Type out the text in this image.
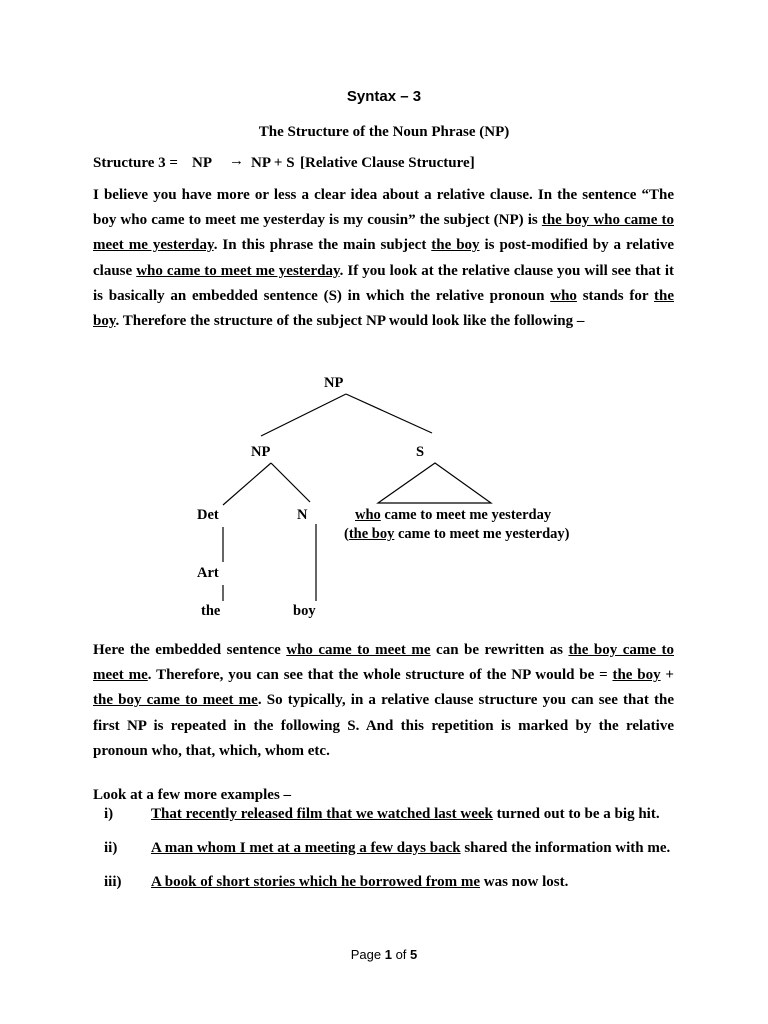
Syntax – 3
The Structure of the Noun Phrase (NP)
Structure 3 = NP → NP + S [Relative Clause Structure]
I believe you have more or less a clear idea about a relative clause. In the sentence “The boy who came to meet me yesterday is my cousin” the subject (NP) is the boy who came to meet me yesterday. In this phrase the main subject the boy is post-modified by a relative clause who came to meet me yesterday. If you look at the relative clause you will see that it is basically an embedded sentence (S) in which the relative pronoun who stands for the boy. Therefore the structure of the subject NP would look like the following –
NP
NP	S
Det	N	who came to meet me yesterday
(the boy came to meet me yesterday)
Art
the	boy
Here the embedded sentence who came to meet me can be rewritten as the boy came to meet me. Therefore, you can see that the whole structure of the NP would be = the boy + the boy came to meet me. So typically, in a relative clause structure you can see that the first NP is repeated in the following S. And this repetition is marked by the relative pronoun who, that, which, whom etc.
Look at a few more examples –
i)	That recently released film that we watched last week turned out to be a big hit.
ii) A man whom I met at a meeting a few days back shared the information with me.
iii) A book of short stories which he borrowed from me was now lost.
Page 1 of 5
